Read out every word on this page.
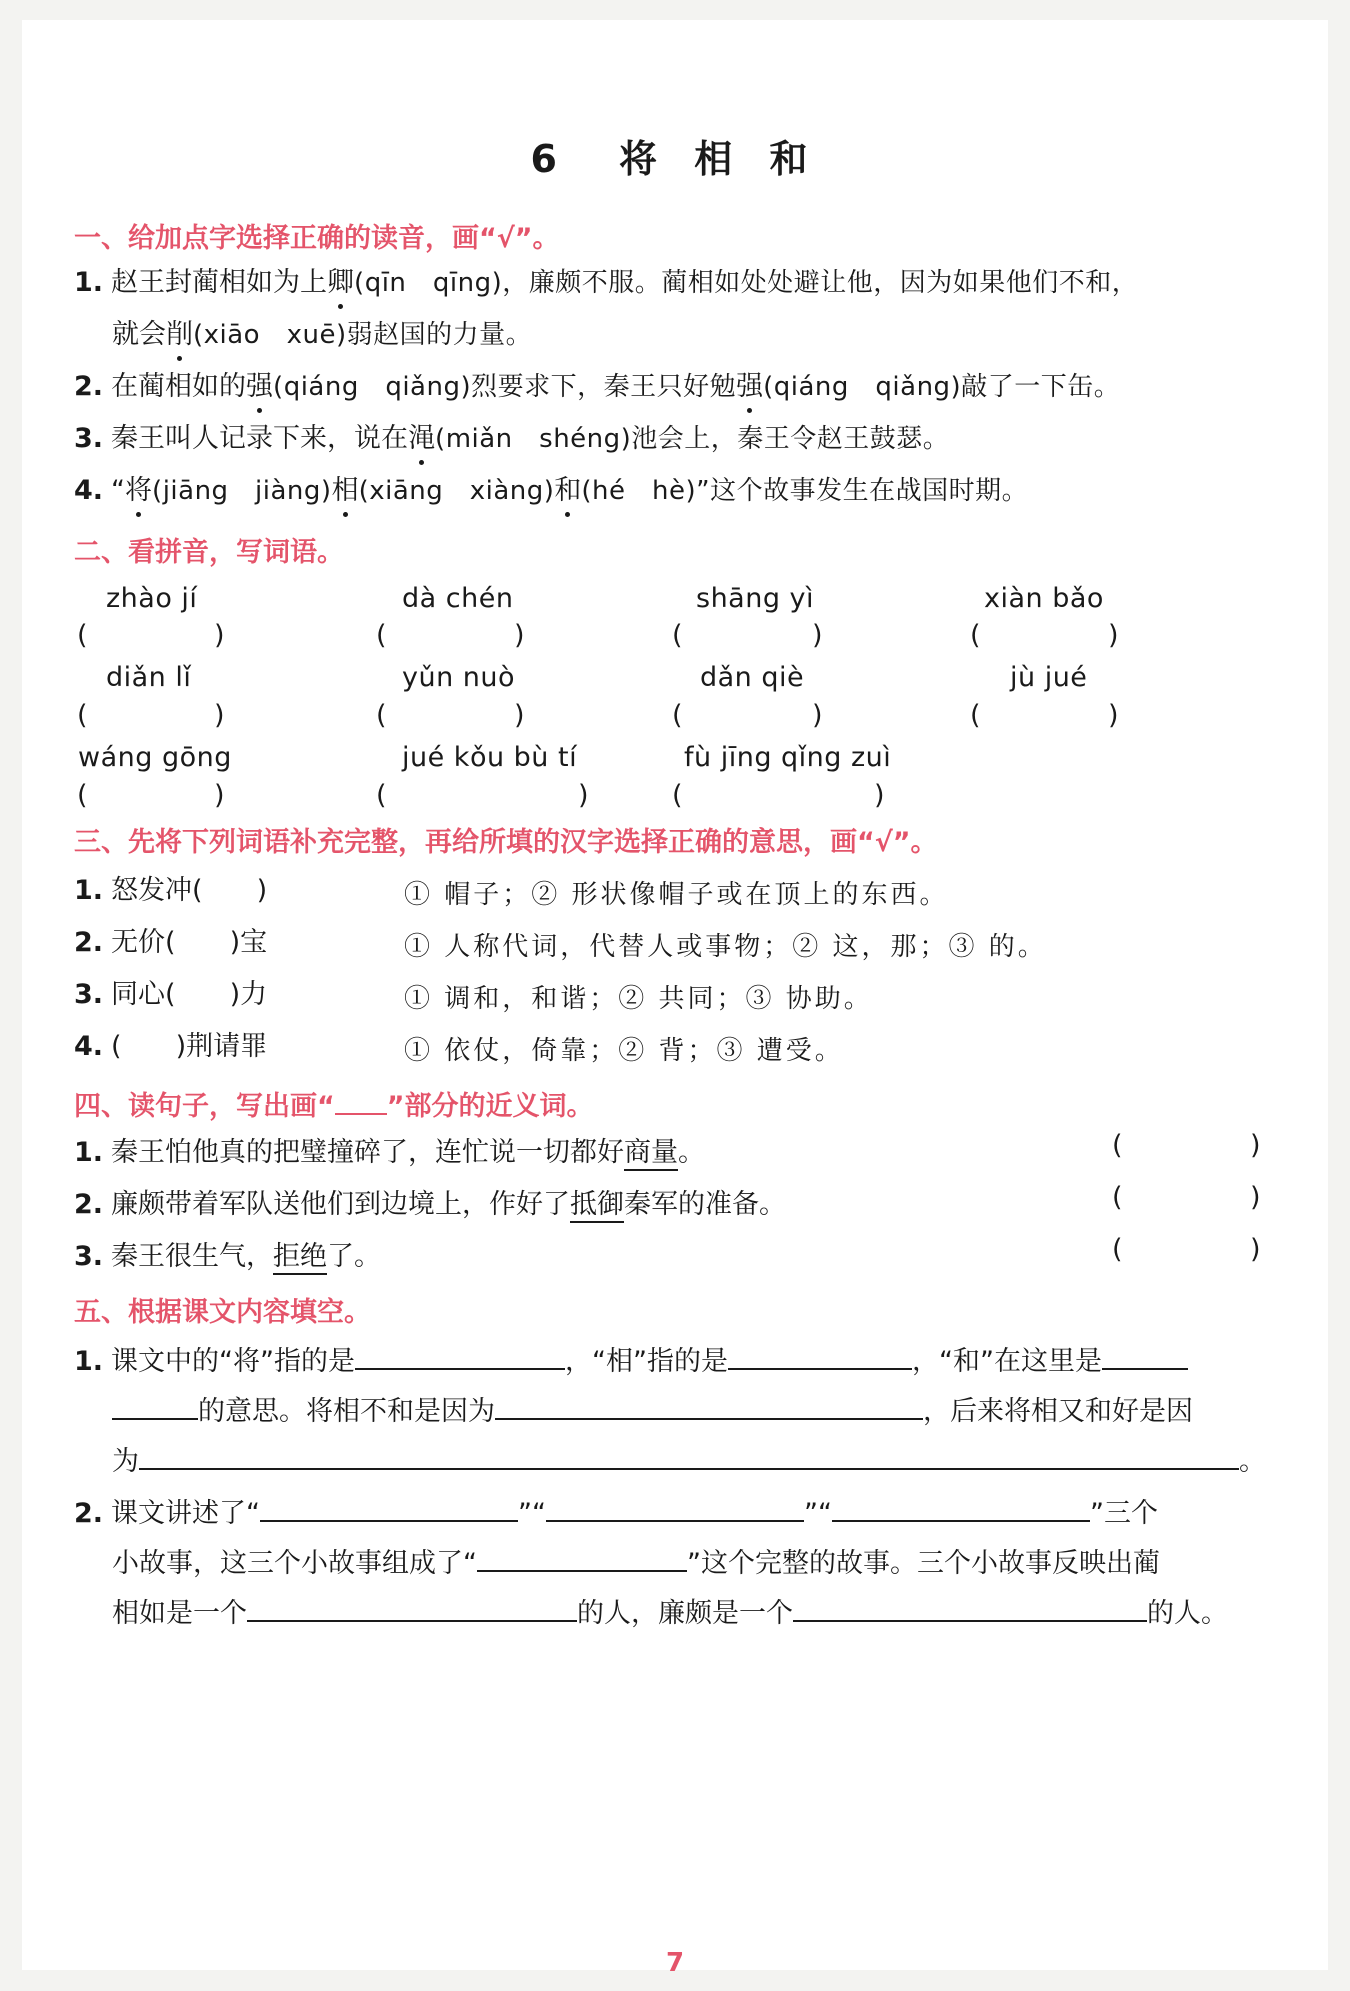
6　将 相 和
一、给加点字选择正确的读音，画“√”。
1. 赵王封蔺相如为上卿(qīn　qīng)，廉颇不服。蔺相如处处避让他，因为如果他们不和，
就会削(xiāo　xuē)弱赵国的力量。
2. 在蔺相如的强(qiáng　qiǎng)烈要求下，秦王只好勉强(qiáng　qiǎng)敲了一下缶。
3. 秦王叫人记录下来，说在渑(miǎn　shéng)池会上，秦王令赵王鼓瑟。
4. “将(jiāng　jiàng)相(xiāng　xiàng)和(hé　hè)”这个故事发生在战国时期。
二、看拼音，写词语。
zhào jí	dà chén	shāng yì	xiàn bǎo
(	)	(	)	(	)	(	)
diǎn lǐ	yǔn nuò	dǎn qiè	jù jué
(	)	(	)	(	)	(	)
wáng gōng	jué kǒu bù tí	fù jīng qǐng zuì
(	)	(	)	(	)
三、先将下列词语补充完整，再给所填的汉字选择正确的意思，画“√”。
1. 怒发冲(　　)	① 帽子；② 形状像帽子或在顶上的东西。
2. 无价(　　)宝	① 人称代词，代替人或事物；② 这，那；③ 的。
3. 同心(　　)力	① 调和，和谐；② 共同；③ 协助。
4. (　　)荆请罪	① 依仗，倚靠；② 背；③ 遭受。
四、读句子，写出画“ ”部分的近义词。
1. 秦王怕他真的把璧撞碎了，连忙说一切都好商量。	(	)
2. 廉颇带着军队送他们到边境上，作好了抵御秦军的准备。	(	)
3. 秦王很生气，拒绝了。	(	)
五、根据课文内容填空。
1. 课文中的“将”指的是	，“相”指的是	，“和”在这里是
的意思。将相不和是因为	，后来将相又和好是因
为	。
2. 课文讲述了“	”“	”“	”三个
小故事，这三个小故事组成了“	”这个完整的故事。三个小故事反映出蔺
相如是一个	的人，廉颇是一个	的人。
7
